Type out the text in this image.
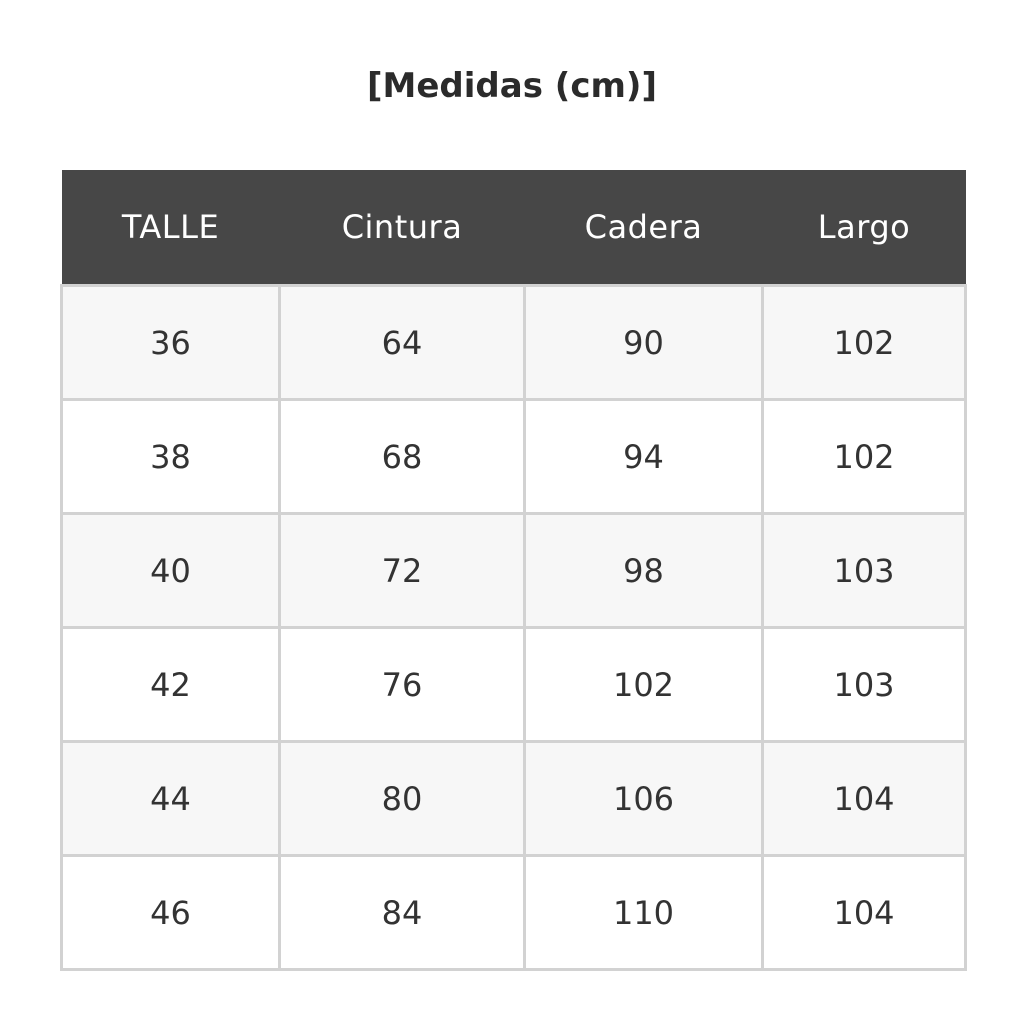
[Medidas (cm)]
TALLE	Cintura	Cadera	Largo
36	64	90	102
38	68	94	102
40	72	98	103
42	76	102	103
44	80	106	104
46	84	110	104
